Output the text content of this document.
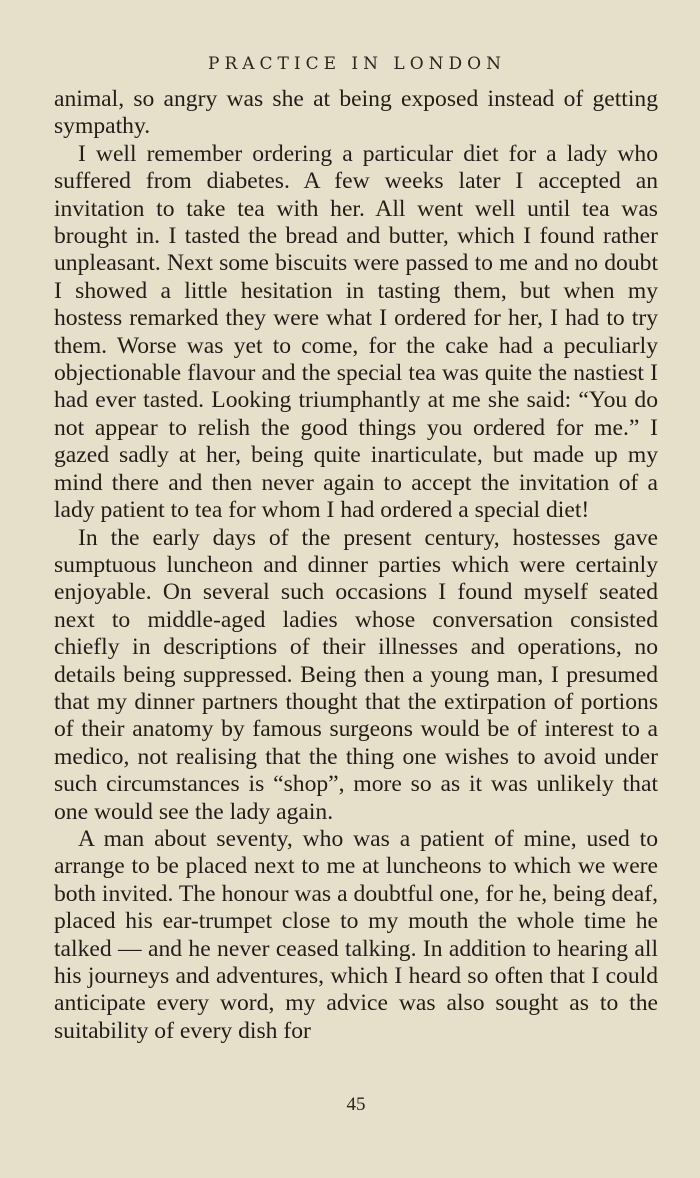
PRACTICE IN LONDON

animal, so angry was she at being exposed instead of getting sympathy.

I well remember ordering a particular diet for a lady who suffered from diabetes. A few weeks later I accepted an invitation to take tea with her. All went well until tea was brought in. I tasted the bread and butter, which I found rather unpleasant. Next some biscuits were passed to me and no doubt I showed a little hesitation in tasting them, but when my hostess remarked they were what I ordered for her, I had to try them. Worse was yet to come, for the cake had a peculiarly objectionable flavour and the special tea was quite the nastiest I had ever tasted. Looking triumphantly at me she said: “You do not appear to relish the good things you ordered for me.” I gazed sadly at her, being quite inarticulate, but made up my mind there and then never again to accept the invitation of a lady patient to tea for whom I had ordered a special diet!

In the early days of the present century, hostesses gave sumptuous luncheon and dinner parties which were certainly enjoyable. On several such occasions I found myself seated next to middle-aged ladies whose conversation consisted chiefly in descriptions of their illnesses and operations, no details being suppressed. Being then a young man, I presumed that my dinner partners thought that the extirpation of portions of their anatomy by famous surgeons would be of interest to a medico, not realising that the thing one wishes to avoid under such circumstances is “shop”, more so as it was unlikely that one would see the lady again.

A man about seventy, who was a patient of mine, used to arrange to be placed next to me at luncheons to which we were both invited. The honour was a doubtful one, for he, being deaf, placed his ear-trumpet close to my mouth the whole time he talked — and he never ceased talking. In addition to hearing all his journeys and adventures, which I heard so often that I could anticipate every word, my advice was also sought as to the suitability of every dish for

45
